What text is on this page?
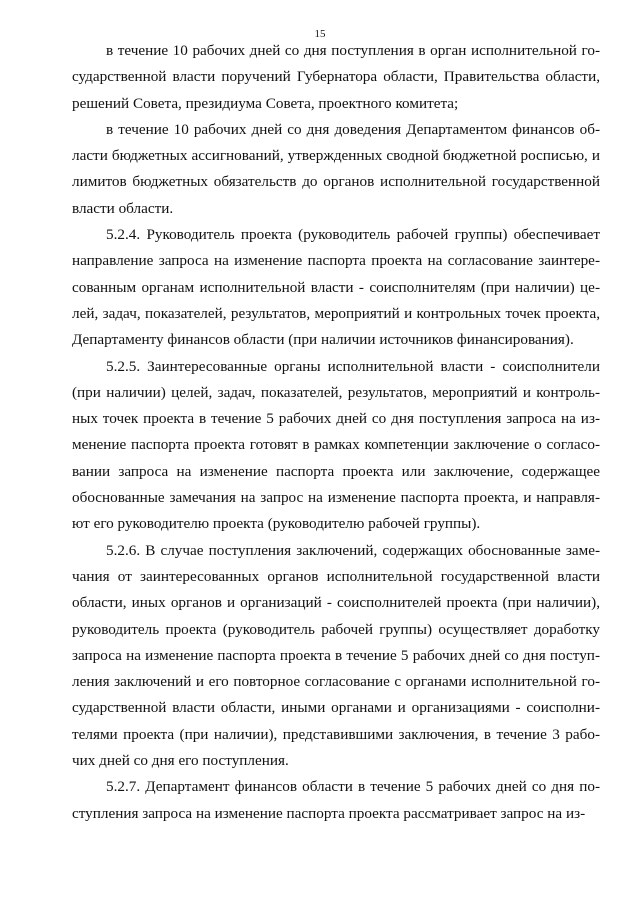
15

в течение 10 рабочих дней со дня поступления в орган исполнительной государственной власти поручений Губернатора области, Правительства области, решений Совета, президиума Совета, проектного комитета;

в течение 10 рабочих дней со дня доведения Департаментом финансов области бюджетных ассигнований, утвержденных сводной бюджетной росписью, и лимитов бюджетных обязательств до органов исполнительной государственной власти области.

5.2.4. Руководитель проекта (руководитель рабочей группы) обеспечивает направление запроса на изменение паспорта проекта на согласование заинтересованным органам исполнительной власти - соисполнителям (при наличии) целей, задач, показателей, результатов, мероприятий и контрольных точек проекта, Департаменту финансов области (при наличии источников финансирования).

5.2.5. Заинтересованные органы исполнительной власти - соисполнители (при наличии) целей, задач, показателей, результатов, мероприятий и контрольных точек проекта в течение 5 рабочих дней со дня поступления запроса на изменение паспорта проекта готовят в рамках компетенции заключение о согласовании запроса на изменение паспорта проекта или заключение, содержащее обоснованные замечания на запрос на изменение паспорта проекта, и направляют его руководителю проекта (руководителю рабочей группы).

5.2.6. В случае поступления заключений, содержащих обоснованные замечания от заинтересованных органов исполнительной государственной власти области, иных органов и организаций - соисполнителей проекта (при наличии), руководитель проекта (руководитель рабочей группы) осуществляет доработку запроса на изменение паспорта проекта в течение 5 рабочих дней со дня поступления заключений и его повторное согласование с органами исполнительной государственной власти области, иными органами и организациями - соисполнителями проекта (при наличии), представившими заключения, в течение 3 рабочих дней со дня его поступления.

5.2.7. Департамент финансов области в течение 5 рабочих дней со дня поступления запроса на изменение паспорта проекта рассматривает запрос на из-
